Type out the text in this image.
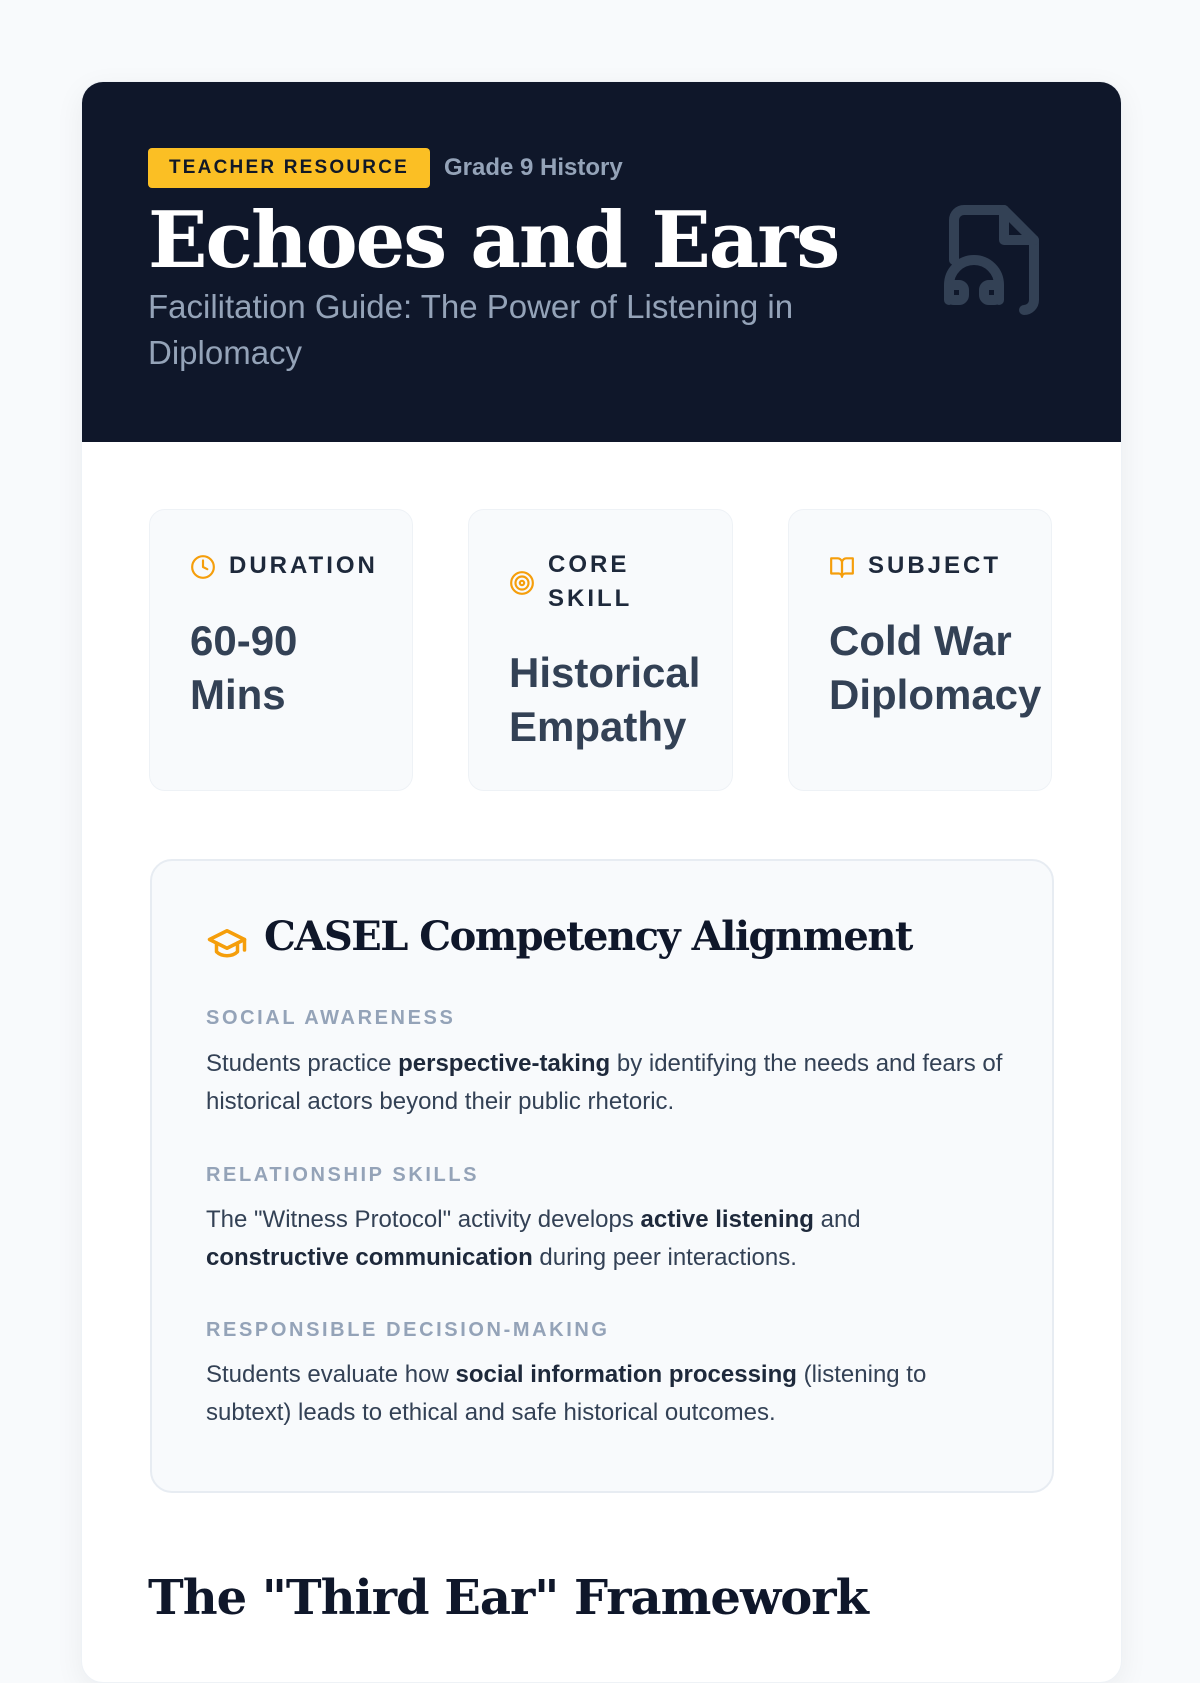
TEACHER RESOURCE	Grade 9 History
Echoes and Ears
Facilitation Guide: The Power of Listening in Diplomacy
DURATION
60-90
Mins
CORE
SKILL
Historical
Empathy
SUBJECT
Cold War
Diplomacy
CASEL Competency Alignment
SOCIAL AWARENESS
Students practice perspective-taking by identifying the needs and fears of historical actors beyond their public rhetoric.
RELATIONSHIP SKILLS
The "Witness Protocol" activity develops active listening and constructive communication during peer interactions.
RESPONSIBLE DECISION-MAKING
Students evaluate how social information processing (listening to subtext) leads to ethical and safe historical outcomes.
The "Third Ear" Framework
